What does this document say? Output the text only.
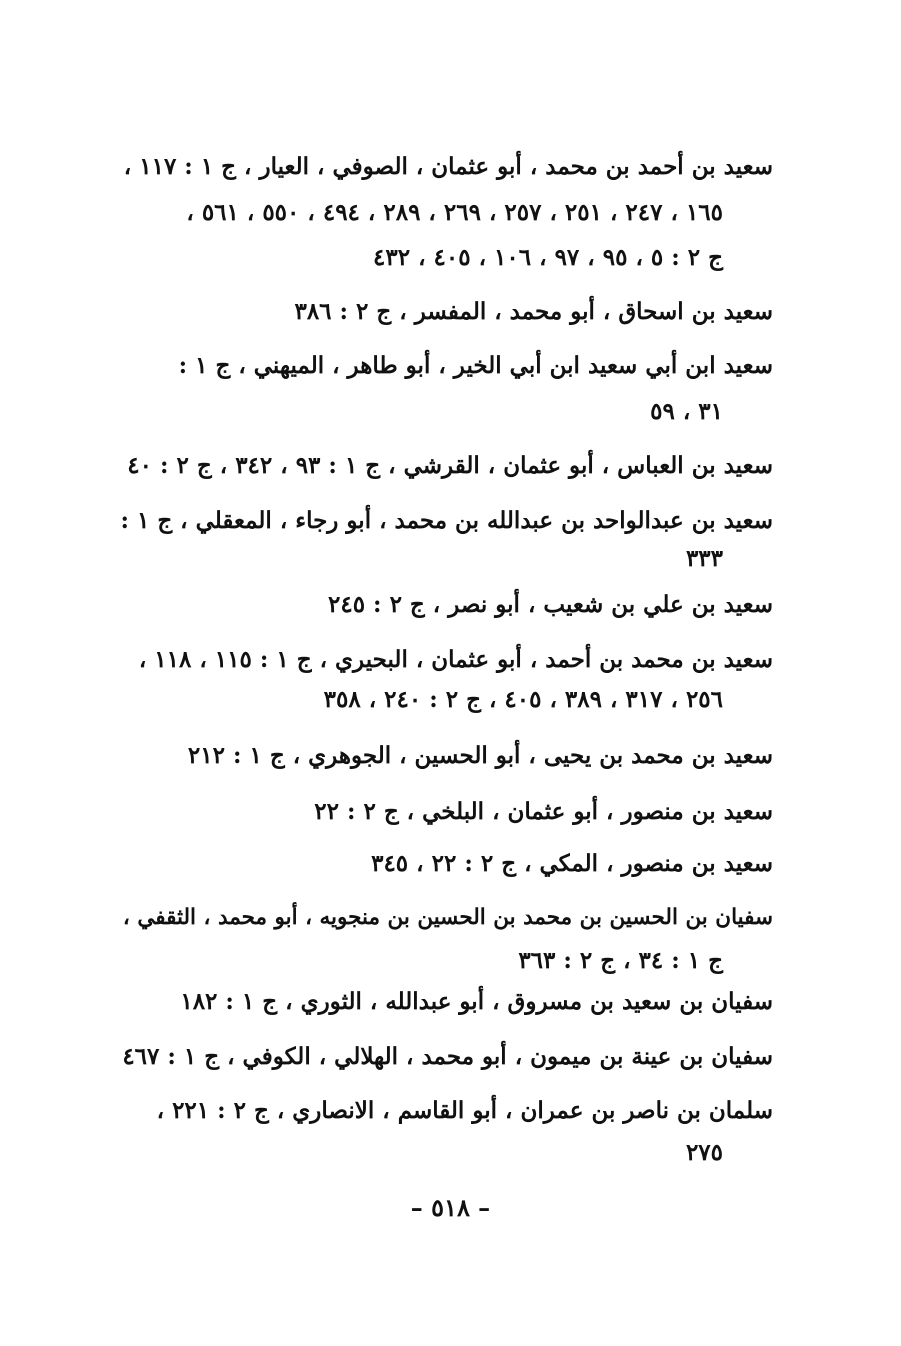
سعيد بن أحمد بن محمد ، أبو عثمان ، الصوفي ، العيار ، ج ١ : ١١٧ ،
١٦٥ ، ٢٤٧ ، ٢٥١ ، ٢٥٧ ، ٢٦٩ ، ٢٨٩ ، ٤٩٤ ، ٥٥٠ ، ٥٦١ ،
ج ٢ : ٥ ، ٩٥ ، ٩٧ ، ١٠٦ ، ٤٠٥ ، ٤٣٢
سعيد بن اسحاق ، أبو محمد ، المفسر ، ج ٢ : ٣٨٦
سعيد ابن أبي سعيد ابن أبي الخير ، أبو طاهر ، الميهني ، ج ١ :
٣١ ، ٥٩
سعيد بن العباس ، أبو عثمان ، القرشي ، ج ١ : ٩٣ ، ٣٤٢ ، ج ٢ : ٤٠
سعيد بن عبدالواحد بن عبدالله بن محمد ، أبو رجاء ، المعقلي ، ج ١ :
٣٣٣
سعيد بن علي بن شعيب ، أبو نصر ، ج ٢ : ٢٤٥
سعيد بن محمد بن أحمد ، أبو عثمان ، البحيري ، ج ١ : ١١٥ ، ١١٨ ،
٢٥٦ ، ٣١٧ ، ٣٨٩ ، ٤٠٥ ، ج ٢ : ٢٤٠ ، ٣٥٨
سعيد بن محمد بن يحيى ، أبو الحسين ، الجوهري ، ج ١ : ٢١٢
سعيد بن منصور ، أبو عثمان ، البلخي ، ج ٢ : ٢٢
سعيد بن منصور ، المكي ، ج ٢ : ٢٢ ، ٣٤٥
سفيان بن الحسين بن محمد بن الحسين بن منجويه ، أبو محمد ، الثقفي ،
ج ١ : ٣٤ ، ج ٢ : ٣٦٣
سفيان بن سعيد بن مسروق ، أبو عبدالله ، الثوري ، ج ١ : ١٨٢
سفيان بن عينة بن ميمون ، أبو محمد ، الهلالي ، الكوفي ، ج ١ : ٤٦٧
سلمان بن ناصر بن عمران ، أبو القاسم ، الانصاري ، ج ٢ : ٢٢١ ،
٢٧٥
– ٥١٨ –
